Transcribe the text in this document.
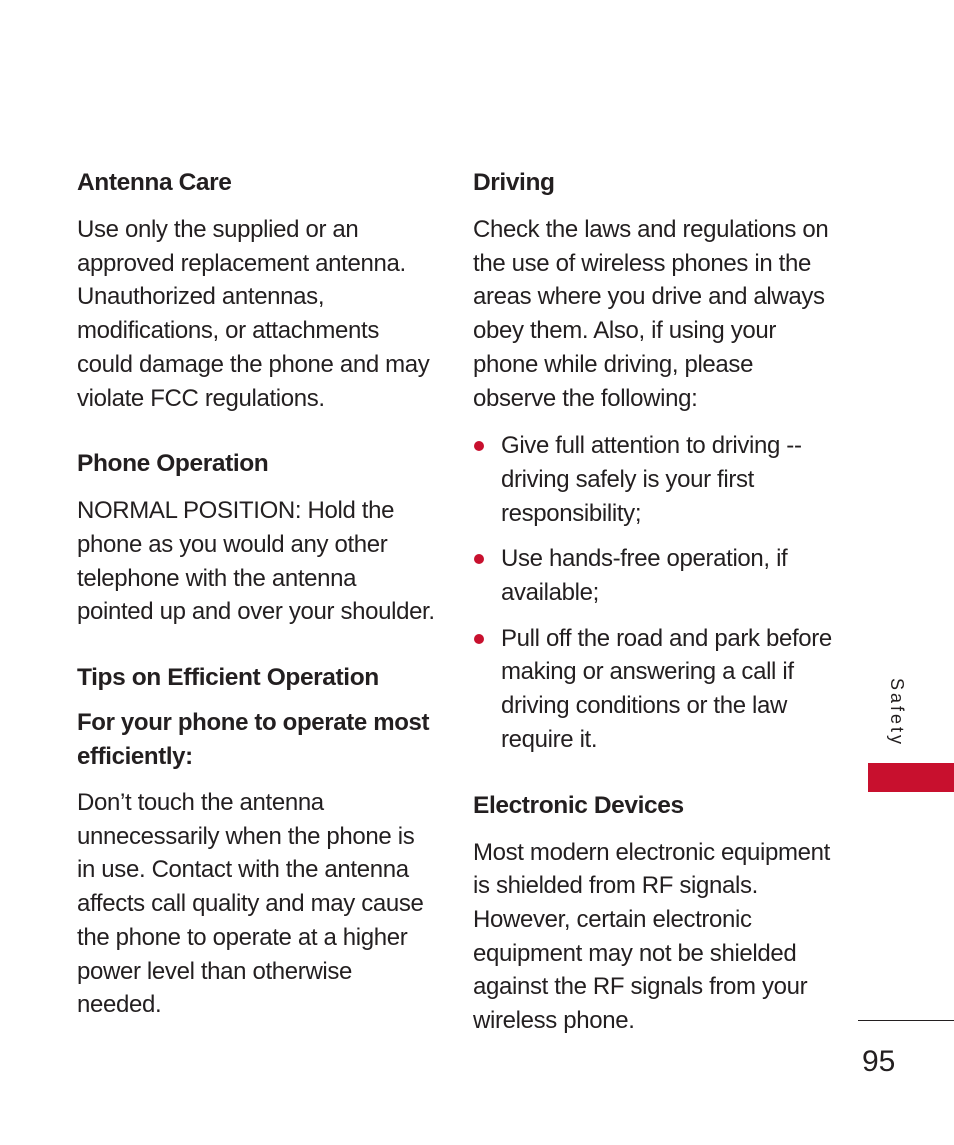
Antenna Care

Use only the supplied or an approved replacement antenna. Unauthorized antennas, modifications, or attachments could damage the phone and may violate FCC regulations.

Phone Operation

NORMAL POSITION: Hold the phone as you would any other telephone with the antenna pointed up and over your shoulder.

Tips on Efficient Operation
For your phone to operate most efficiently:

Don’t touch the antenna unnecessarily when the phone is in use. Contact with the antenna affects call quality and may cause the phone to operate at a higher power level than otherwise needed.

Driving

Check the laws and regulations on the use of wireless phones in the areas where you drive and always obey them. Also, if using your phone while driving, please observe the following:

Give full attention to driving -- driving safely is your first responsibility;
Use hands-free operation, if available;
Pull off the road and park before making or answering a call if driving conditions or the law require it.
Electronic Devices

Most modern electronic equipment is shielded from RF signals. However, certain electronic equipment may not be shielded against the RF signals from your wireless phone.

Safety
95
